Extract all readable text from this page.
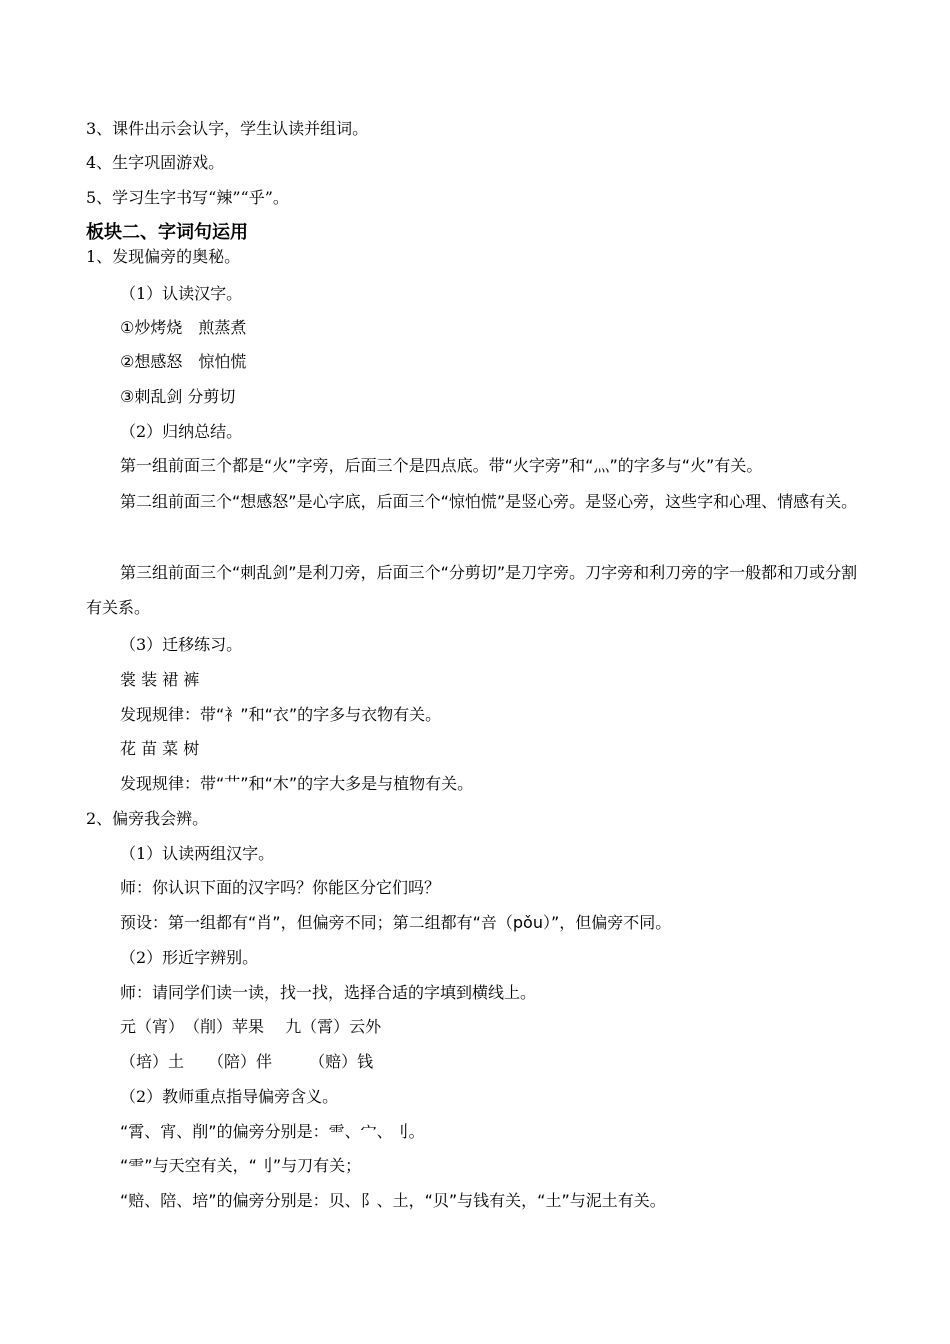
3、课件出示会认字，学生认读并组词。
4、生字巩固游戏。
5、学习生字书写“辣”“乎”。
板块二、字词句运用
1、发现偏旁的奥秘。
（1）认读汉字。
①炒烤烧　煎蒸煮
②想感怒　惊怕慌
③刺乱剑 分剪切
（2）归纳总结。
第一组前面三个都是“火”字旁，后面三个是四点底。带“火字旁”和“灬”的字多与“火”有关。
第二组前面三个“想感怒”是心字底，后面三个“惊怕慌”是竖心旁。是竖心旁，这些字和心理、情感有关。
第三组前面三个“刺乱剑”是利刀旁，后面三个“分剪切”是刀字旁。刀字旁和利刀旁的字一般都和刀或分割有关系。
（3）迁移练习。
裳 装 裙 裤
发现规律：带“衤”和“衣”的字多与衣物有关。
花 苗 菜 树
发现规律：带“艹”和“木”的字大多是与植物有关。
2、偏旁我会辨。
（1）认读两组汉字。
师：你认识下面的汉字吗？你能区分它们吗？
预设：第一组都有“肖”，但偏旁不同；第二组都有“咅（pǒu）”，但偏旁不同。
（2）形近字辨别。
师：请同学们读一读，找一找，选择合适的字填到横线上。
元（宵）　（削）苹果　 九（霄）云外
（培）土　　（陪）伴　　 （赔）钱
（2）教师重点指导偏旁含义。
“霄、宵、削”的偏旁分别是：⻗、宀、刂。
“⻗”与天空有关，“刂”与刀有关；
“赔、陪、培”的偏旁分别是：贝、阝、土，“贝”与钱有关，“土”与泥土有关。
